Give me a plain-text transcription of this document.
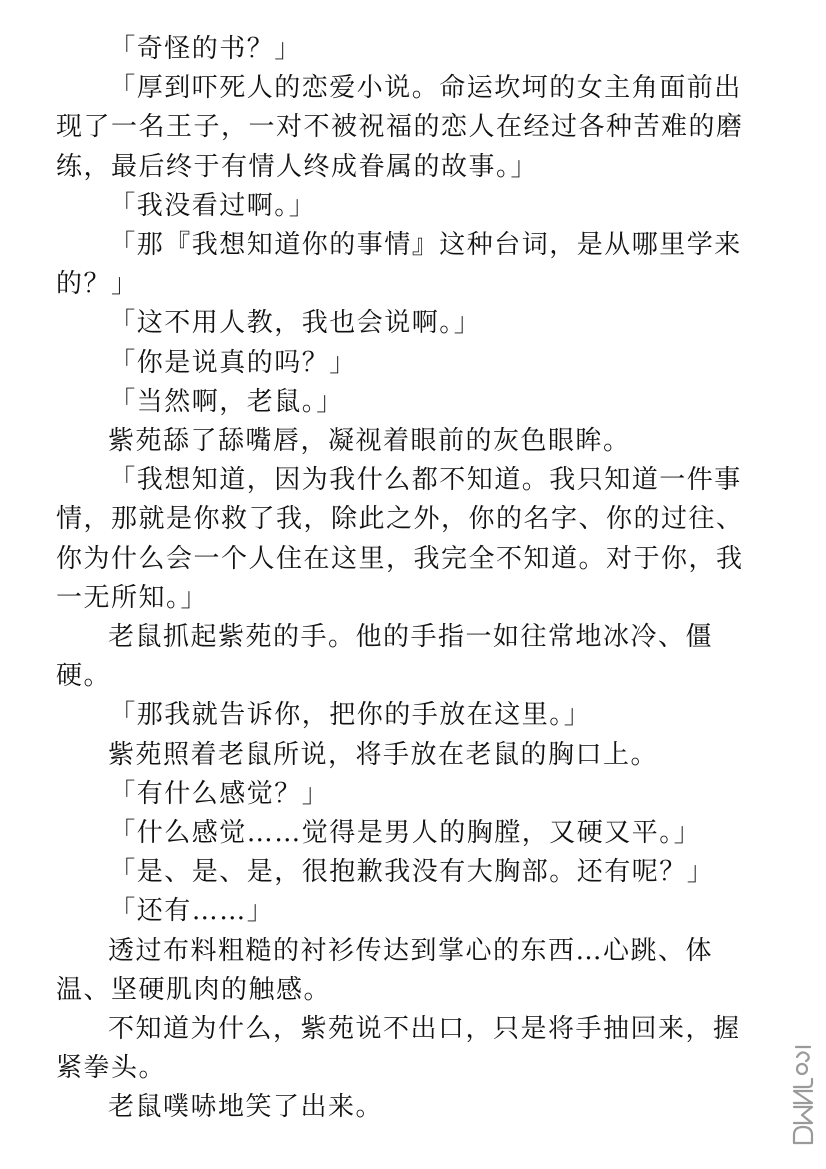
「奇怪的书？」

「厚到吓死人的恋爱小说。命运坎坷的女主角面前出现了一名王子，一对不被祝福的恋人在经过各种苦难的磨练，最后终于有情人终成眷属的故事。」

「我没看过啊。」

「那『我想知道你的事情』这种台词，是从哪里学来的？」

「这不用人教，我也会说啊。」

「你是说真的吗？」

「当然啊，老鼠。」

紫苑舔了舔嘴唇，凝视着眼前的灰色眼眸。

「我想知道，因为我什么都不知道。我只知道一件事情，那就是你救了我，除此之外，你的名字、你的过往、你为什么会一个人住在这里，我完全不知道。对于你，我一无所知。」

老鼠抓起紫苑的手。他的手指一如往常地冰冷、僵硬。

「那我就告诉你，把你的手放在这里。」

紫苑照着老鼠所说，将手放在老鼠的胸口上。

「有什么感觉？」

「什么感觉……觉得是男人的胸膛，又硬又平。」

「是、是、是，很抱歉我没有大胸部。还有呢？」

「还有……」

透过布料粗糙的衬衫传达到掌心的东西…心跳、体温、坚硬肌肉的触感。

不知道为什么，紫苑说不出口，只是将手抽回来，握紧拳头。

老鼠噗哧地笑了出来。
